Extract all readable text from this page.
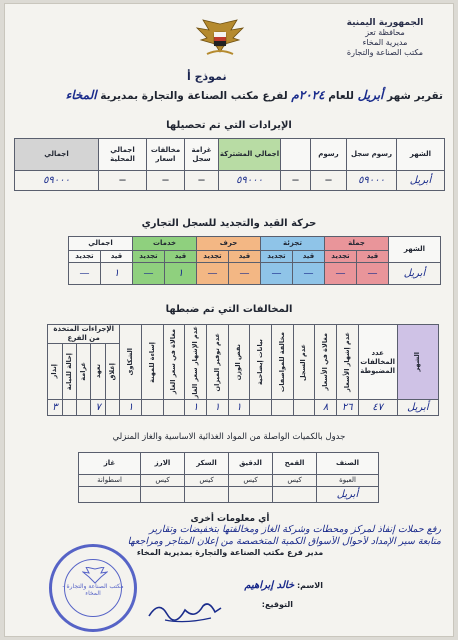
الجمهورية اليمنية
محافظة تعز
مديرية المخاء
مكتب الصناعة والتجارة
نموذج أ
تقرير شهر أبريل للعام ٢٠٢٤م لفرع مكتب الصناعة والتجارة بمديرية المخاء
الإيرادات التي تم تحصيلها
الشهر	رسوم سجل	رسوم		اجمالي المشتركة	غرامة سجل	مخالفات اسعار	اجمالي المحلية	اجمالي
أبريل	٥٩٠٠٠	—	—	٥٩٠٠٠	—	—	—	٥٩٠٠٠
حركة القيد والتجديد للسجل التجاري
الشهر	جملة		تجزئة		حرف		خدمات		اجمالي	
	قيد	تجديد	قيد	تجديد	قيد	تجديد	قيد	تجديد	قيد	تجديد
أبريل	—	—	—	—	—	—	١	—	١	—
المخالفات التي تم ضبطها
الشهر	عدد المخالفات المضبوطة	عدم إشهار الأسعار	مغالاة في الأسعار	عدم السجل	مخالفة للمواصفات	بيانات إيضاحية	نقص الوزن	عدم توفير الميزان	عدم الإشهار سعر الغاز	مغالاة في سعر الغاز	إساءة للمهنة	الشكاوى	الإجراءات المتخذة من الفرع				

													إغلاق	تعهد	غرامة	إحالة للنيابة	إنذار

أبريل	٤٧	٢٦	٨				١	١	١			١		٧			٣
جدول بالكميات الواصلة من المواد الغذائية الاساسية والغاز المنزلي
الصنف	القمح	الدقيق	السكر	الارز	غاز
العبوة	كيس	كيس	كيس	كيس	اسطوانة
أبريل					
أي معلومات أخرى
رفع حملات إنفاذ لمركز ومحطات وشركة الغاز ومخالفتها بتخفيضات وتقارير
متابعة سير الإمداد لأحوال الأسواق الكمية المتخصصة من إعلان المتاجر ومراجعها
مدير فرع مكتب الصناعة والتجارة بمديرية المخاء
الاسم: خالد إبراهيم
التوقيع:
مكتب الصناعة والتجارة - المخاء
